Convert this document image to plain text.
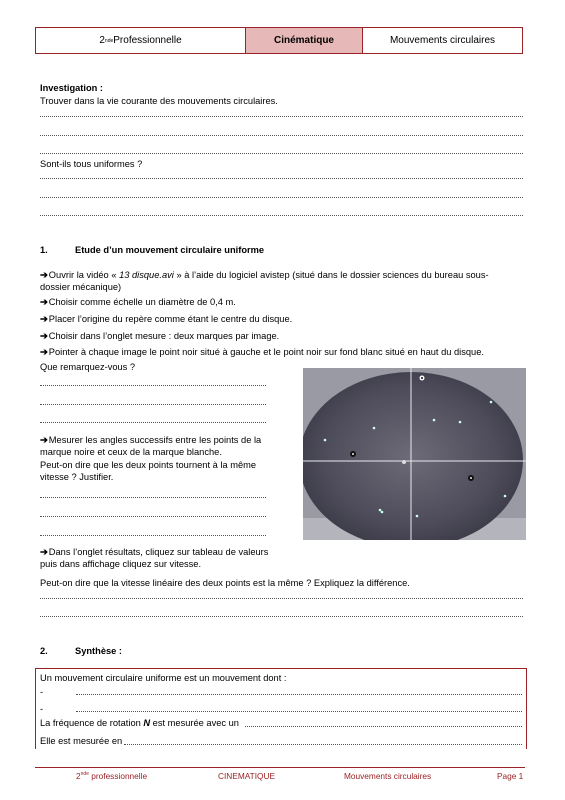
2 nde Professionnelle	Cinématique	Mouvements circulaires
Investigation :
Trouver dans la vie courante des mouvements circulaires.
Sont-ils tous uniformes ?
1.	Etude d’un mouvement circulaire uniforme
➔Ouvrir la vidéo « 13 disque.avi » à l’aide du logiciel avistep (situé dans le dossier sciences du bureau sous-
dossier mécanique)
➔Choisir comme échelle un diamètre de 0,4 m.
➔Placer l’origine du repère comme étant le centre du disque.
➔Choisir dans l’onglet mesure : deux marques par image.
➔Pointer à chaque image le point noir situé à gauche et le point noir sur fond blanc situé en haut du disque.
Que remarquez-vous ?
➔Mesurer les angles successifs entre les points de la
marque noire et ceux de la marque blanche.
Peut-on dire que les deux points tournent à la même
vitesse ? Justifier.
➔Dans l’onglet résultats, cliquez sur tableau de valeurs
puis dans affichage cliquez sur vitesse.
Peut-on dire que la vitesse linéaire des deux points est la même ? Expliquez la différence.
2.	Synthèse :
Un mouvement circulaire uniforme est un mouvement dont :
-
-
La fréquence de rotation N est mesurée avec un
Elle est mesurée en
2nde professionnelle	CINEMATIQUE	Mouvements circulaires	Page 1
